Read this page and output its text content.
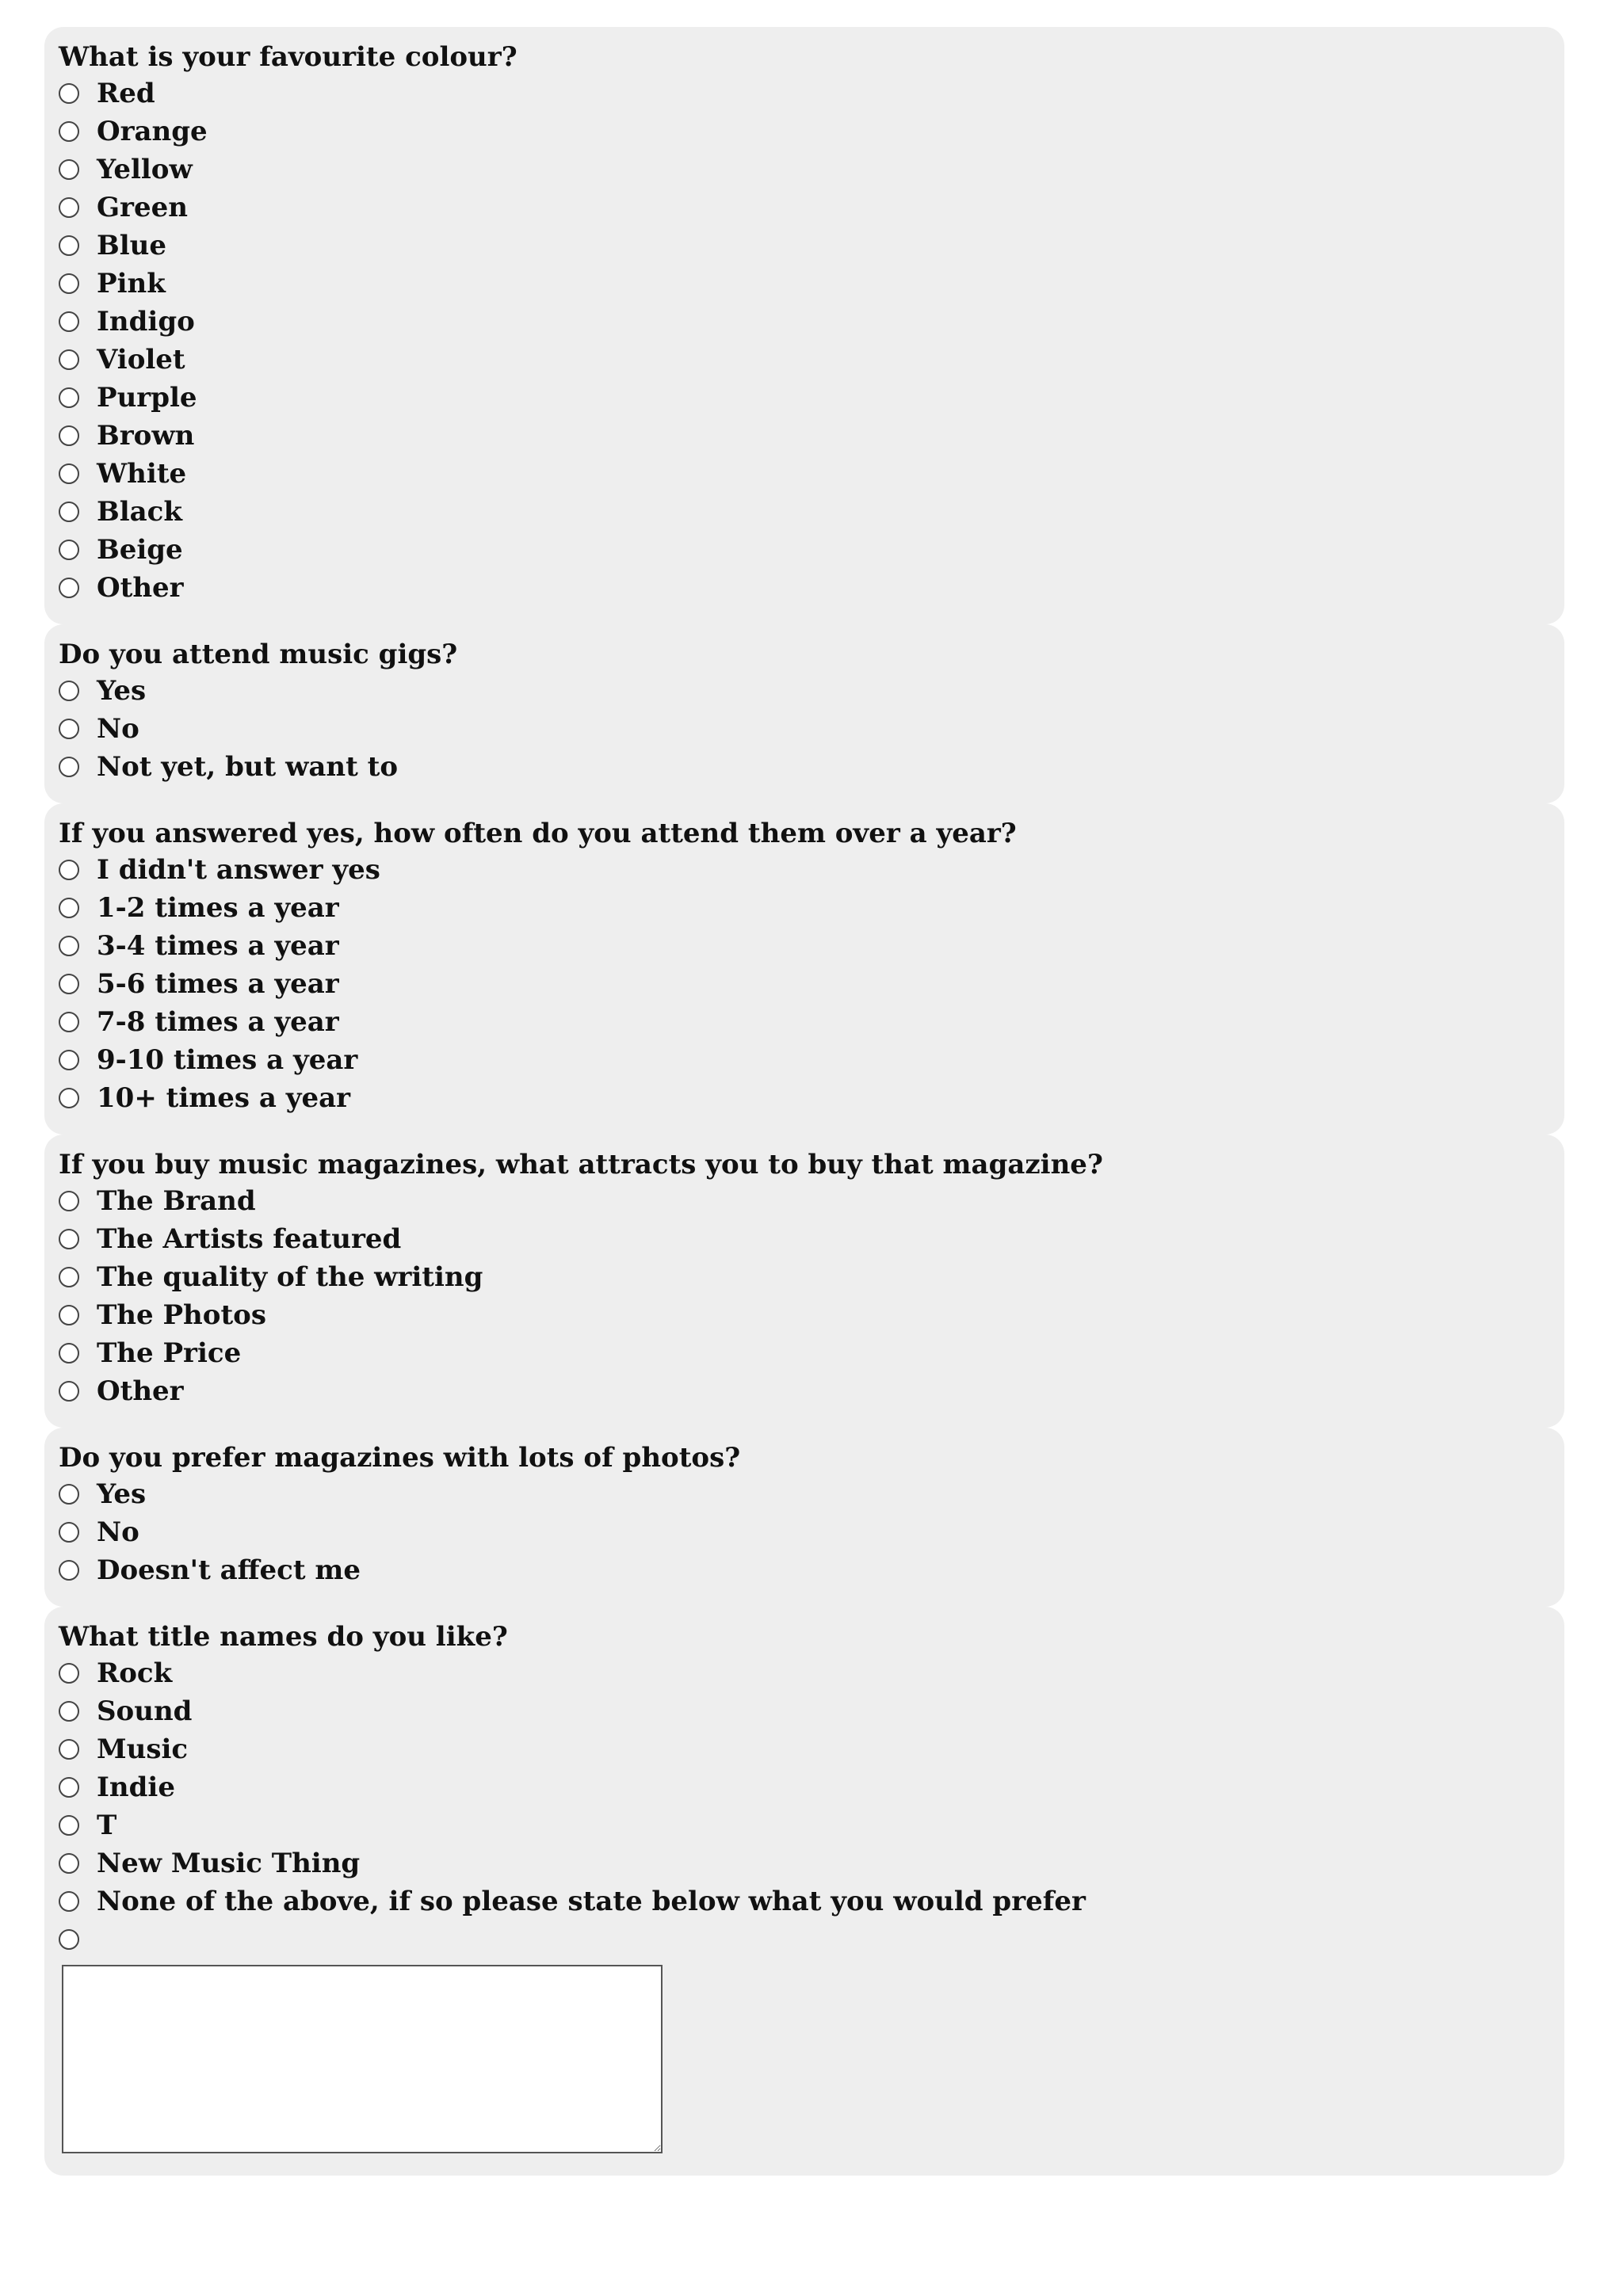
What is your favourite colour?
Red
Orange
Yellow
Green
Blue
Pink
Indigo
Violet
Purple
Brown
White
Black
Beige
Other
Do you attend music gigs?
Yes
No
Not yet, but want to
If you answered yes, how often do you attend them over a year?
I didn't answer yes
1-2 times a year
3-4 times a year
5-6 times a year
7-8 times a year
9-10 times a year
10+ times a year
If you buy music magazines, what attracts you to buy that magazine?
The Brand
The Artists featured
The quality of the writing
The Photos
The Price
Other
Do you prefer magazines with lots of photos?
Yes
No
Doesn't affect me
What title names do you like?
Rock
Sound
Music
Indie
T
New Music Thing
None of the above, if so please state below what you would prefer
